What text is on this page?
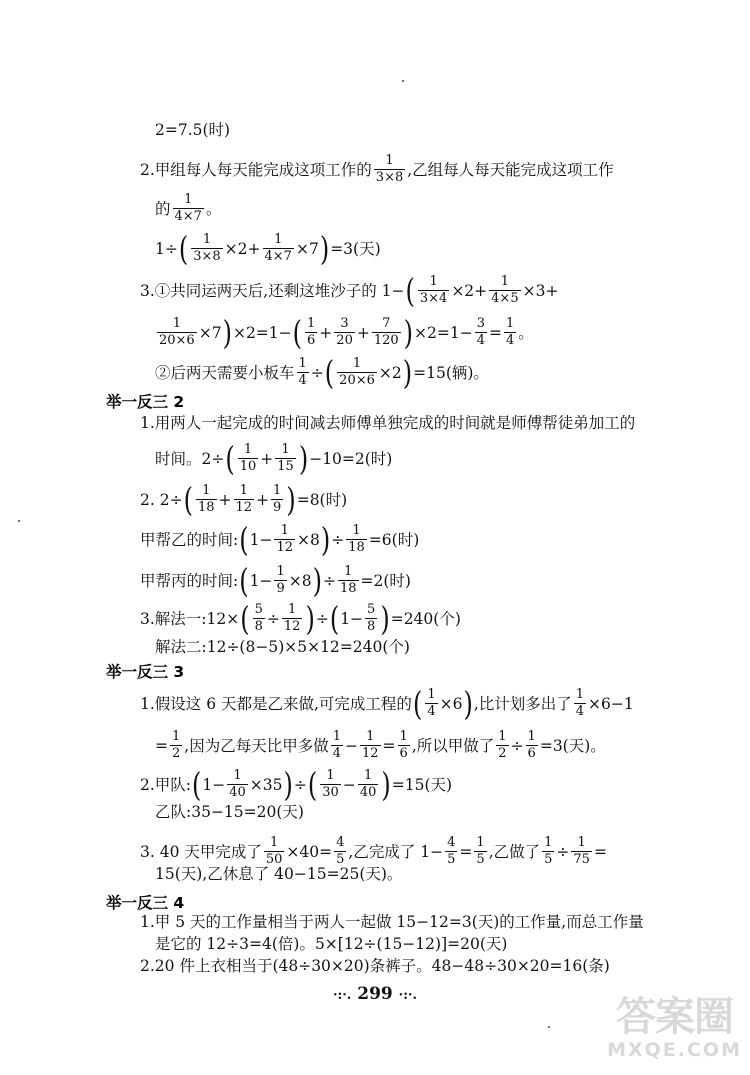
2=7.5(时)
2.甲组每人每天能完成这项工作的 1
3×8 ,乙组每人每天能完成这项工作
的 1
4×7 。
1÷ ( $\frac{1}{3\times 8} \times 2+ \frac{1}{4\times 7} \times 7$ ) =3(天)
3.①共同运两天后,还剩这堆沙子的 1− ( $\frac{1}{3\times 4} \times 2+ \frac{1}{4\times 5} \times 3+$
$\frac{1}{20\times 6} \times 7$ ) ×2=1− ( 1
$6 + \frac{3}{20} + \frac{7}{120}$ ) $\times 2=1- \frac{3}{4} = \frac{1}{4}$ 。
②后两天需要小板车 $\frac{1}{4}$ ÷ ( $\frac{1}{20\times 6} \times 2$ ) =15(辆)。
举一反三 2
1.用两人一起完成的时间减去师傅单独完成的时间就是师傅帮徒弟加工的
时间。2÷ ( 1
$10 + \frac{1}{15}$ ) −10=2(时)
2. 2÷ ( 1
$18 + \frac{1}{12} + \frac{1}{9}$ ) =8(时)
甲帮乙的时间: ( $1- \frac{1}{12} \times 8$ ) ÷ $\frac{1}{18} =6$(时)
甲帮丙的时间: ( $1- \frac{1}{9} \times 8$ ) ÷ $\frac{1}{18} =2$(时)
3.解法一:12× ( $\frac{5}{8} \div \frac{1}{12}$ ) ÷ ( $1- \frac{5}{8}$ ) =240(个)
解法二:12÷(8−5)×5×12=240(个)
举一反三 3
1.假设这 6 天都是乙来做,可完成工程的 ( $\frac{1}{4} \times 6$ ) ,比计划多出了 $\frac{1}{4} \times 6-1$
= $\frac{1}{2}$ ,因为乙每天比甲多做 1
$4 - \frac{1}{12} = \frac{1}{6}$ ,所以甲做了 $\frac{1}{2} \div \frac{1}{6} =3$(天)。
2.甲队: ( $1- \frac{1}{40} \times 35$ ) ÷ ( 1
$30 - \frac{1}{40}$ ) =15(天)
乙队:35−15=20(天)
3. 40 天甲完成了 $\frac{1}{50} \times 40= \frac{4}{5}$ ,乙完成了 $1- \frac{4}{5} = \frac{1}{5}$ ,乙做了 $\frac{1}{5} \div \frac{1}{75}$ =
15(天),乙休息了 40−15=25(天)。
举一反三 4
1.甲 5 天的工作量相当于两人一起做 15−12=3(天)的工作量,而总工作量
是它的 12÷3=4(倍)。5×[12÷(15−12)]=20(天)
2.20 件上衣相当于(48÷30×20)条裤子。48−48÷30×20=16(条)
·:·. 299 ·:·.	答案圈
MXQE.COM
